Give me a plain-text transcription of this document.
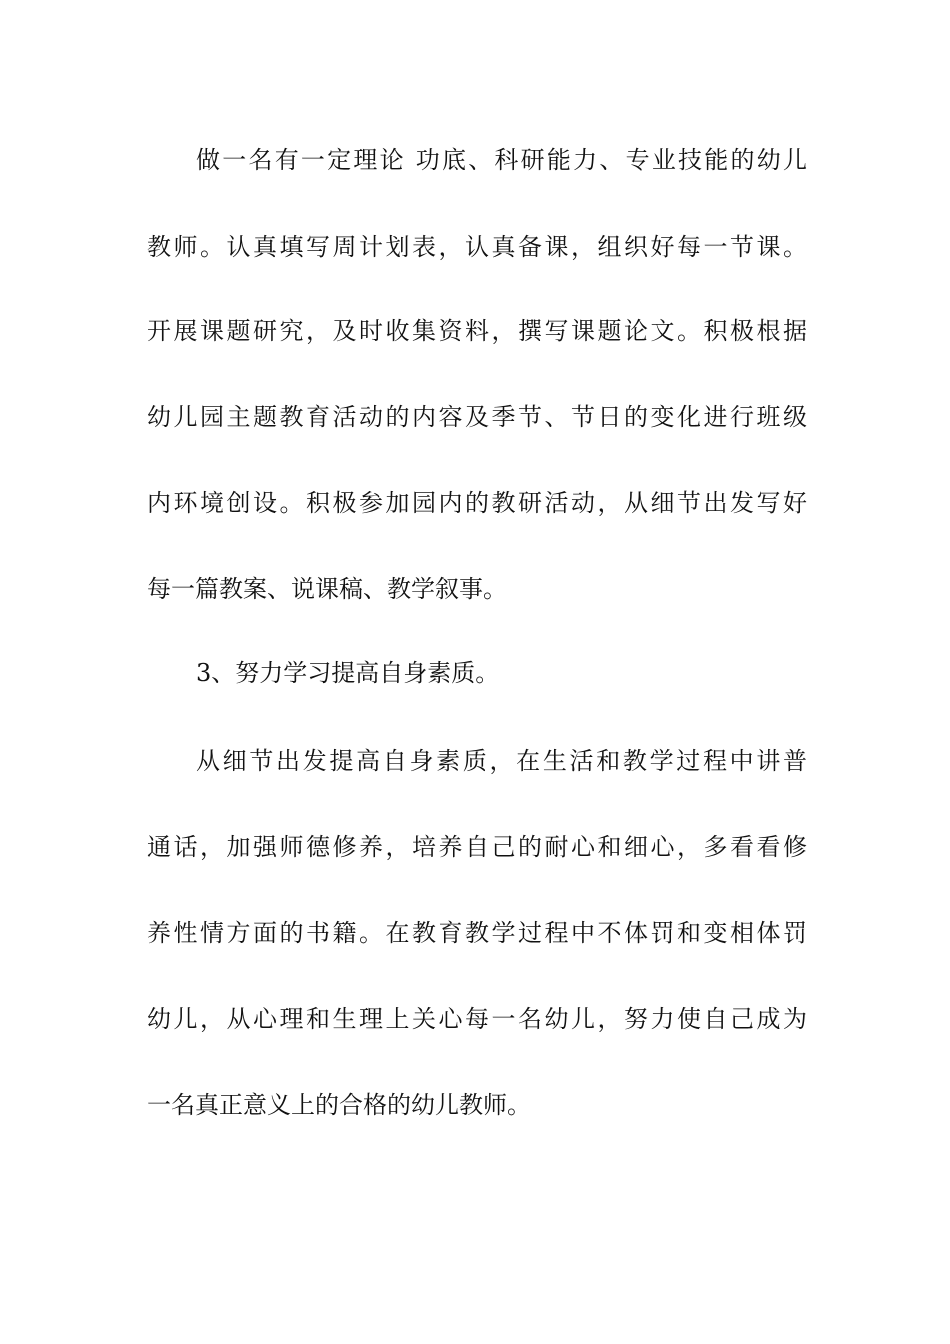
做一名有一定理论 功底、科研能力、专业技能的幼儿
教师。认真填写周计划表，认真备课，组织好每一节课。
开展课题研究，及时收集资料，撰写课题论文。积极根据
幼儿园主题教育活动的内容及季节、节日的变化进行班级
内环境创设。积极参加园内的教研活动，从细节出发写好
每一篇教案、说课稿、教学叙事。
3、努力学习提高自身素质。
从细节出发提高自身素质，在生活和教学过程中讲普
通话，加强师德修养，培养自己的耐心和细心，多看看修
养性情方面的书籍。在教育教学过程中不体罚和变相体罚
幼儿，从心理和生理上关心每一名幼儿，努力使自己成为
一名真正意义上的合格的幼儿教师。
